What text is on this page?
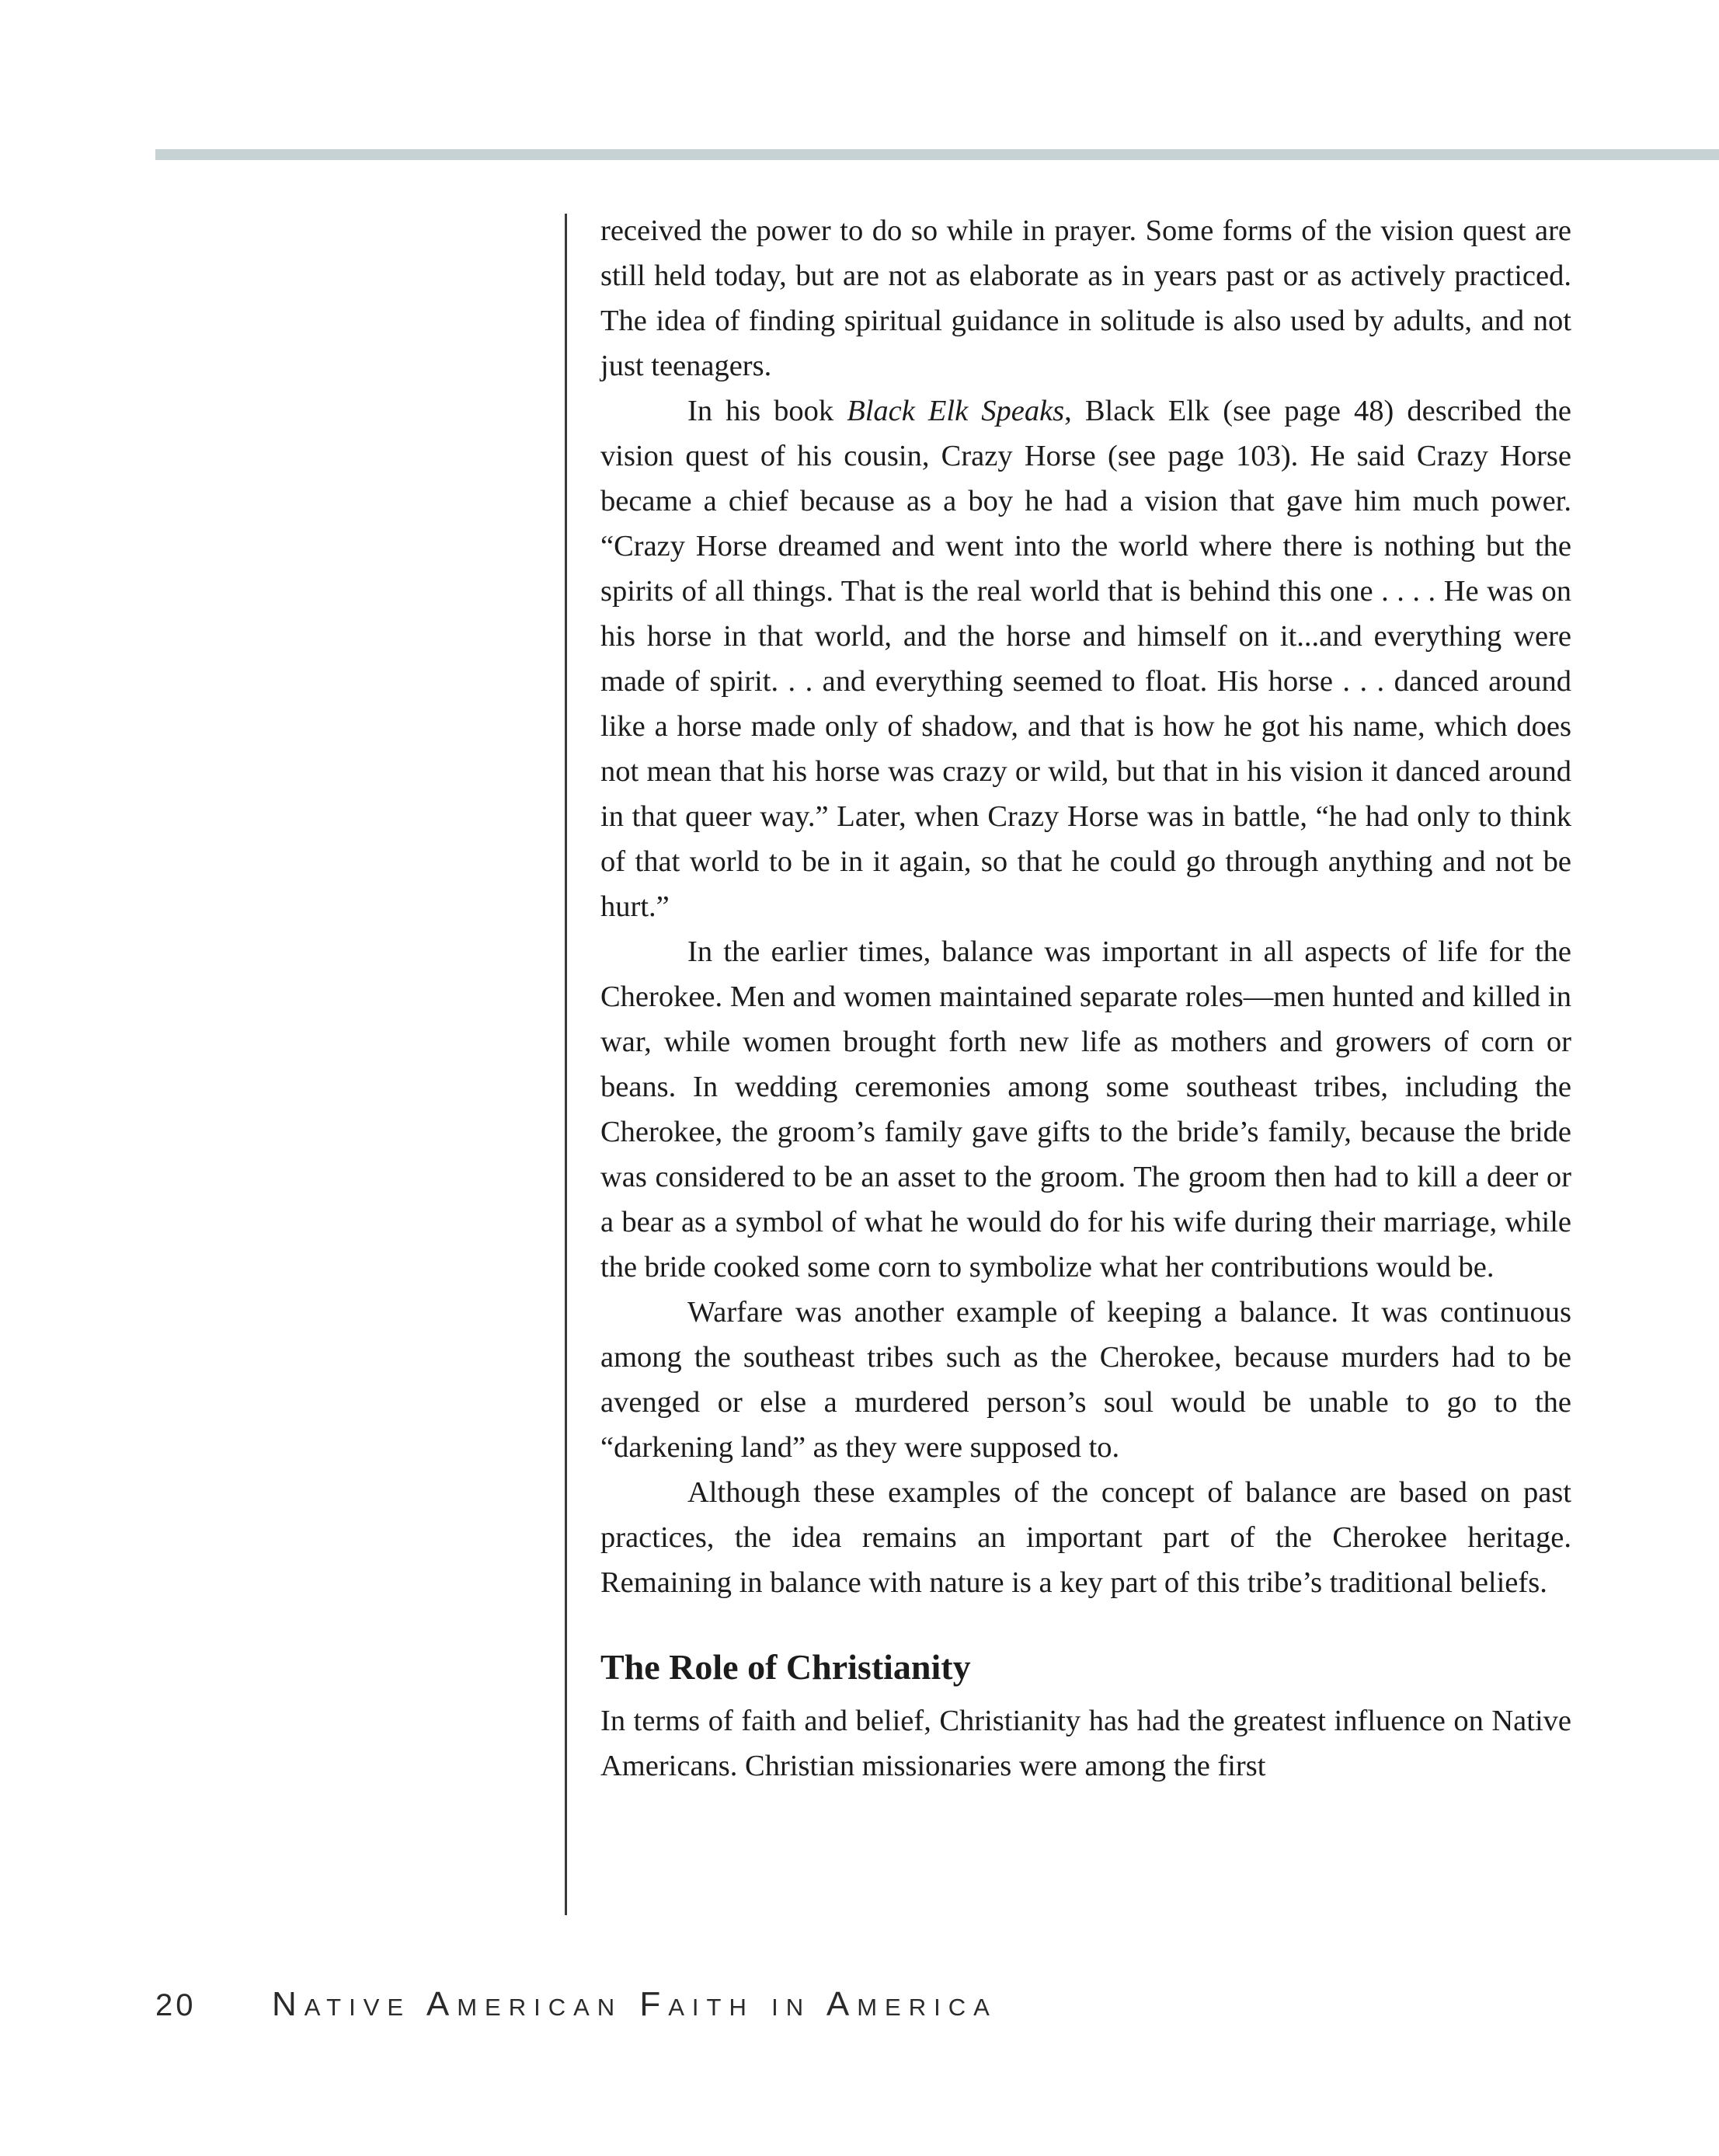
received the power to do so while in prayer. Some forms of the vision quest are still held today, but are not as elaborate as in years past or as actively practiced. The idea of finding spiritual guidance in solitude is also used by adults, and not just teenagers.

In his book Black Elk Speaks, Black Elk (see page 48) described the vision quest of his cousin, Crazy Horse (see page 103). He said Crazy Horse became a chief because as a boy he had a vision that gave him much power. “Crazy Horse dreamed and went into the world where there is nothing but the spirits of all things. That is the real world that is behind this one . . . . He was on his horse in that world, and the horse and himself on it...and everything were made of spirit. . . and everything seemed to float. His horse . . . danced around like a horse made only of shadow, and that is how he got his name, which does not mean that his horse was crazy or wild, but that in his vision it danced around in that queer way.” Later, when Crazy Horse was in battle, “he had only to think of that world to be in it again, so that he could go through anything and not be hurt.”

In the earlier times, balance was important in all aspects of life for the Cherokee. Men and women maintained separate roles—men hunted and killed in war, while women brought forth new life as mothers and growers of corn or beans. In wedding ceremonies among some southeast tribes, including the Cherokee, the groom’s family gave gifts to the bride’s family, because the bride was considered to be an asset to the groom. The groom then had to kill a deer or a bear as a symbol of what he would do for his wife during their marriage, while the bride cooked some corn to symbolize what her contributions would be.

Warfare was another example of keeping a balance. It was continuous among the southeast tribes such as the Cherokee, because murders had to be avenged or else a murdered person’s soul would be unable to go to the “darkening land” as they were supposed to.

Although these examples of the concept of balance are based on past practices, the idea remains an important part of the Cherokee heritage. Remaining in balance with nature is a key part of this tribe’s traditional beliefs.

The Role of Christianity

In terms of faith and belief, Christianity has had the greatest influence on Native Americans. Christian missionaries were among the first

20	Native American Faith in America
